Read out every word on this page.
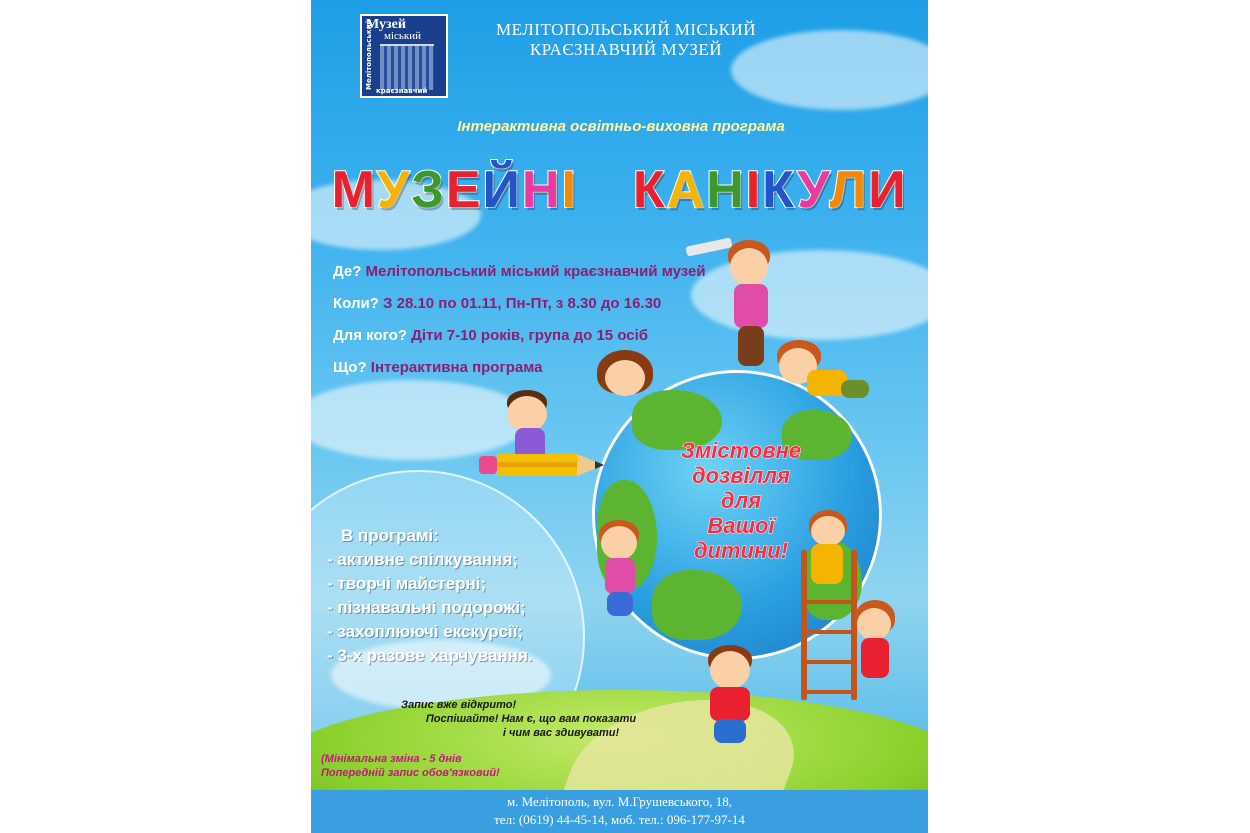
Музей
міський
Мелітопольський
краєзнавчий
МЕЛІТОПОЛЬСЬКИЙ МІСЬКИЙ
КРАЄЗНАВЧИЙ МУЗЕЙ
Інтерактивна освітньо-виховна програма
МУЗЕЙНІ КАНІКУЛИ
Де? Мелітопольський міський краєзнавчий музей
Коли? З 28.10 по 01.11, Пн-Пт, з 8.30 до 16.30
Для кого? Діти 7-10 років, група до 15 осіб
Що? Інтерактивна програма
Змістовне
дозвілля
для
Вашої
дитини!
В програмі:
- активне спілкування;
- творчі майстерні;
- пізнавальні подорожі;
- захоплюючі екскурсії;
- 3-х разове харчування.
Запис вже відкрито!
Поспішайте! Нам є, що вам показати
і чим вас здивувати!
(Мінімальна зміна - 5 днів
Попередній запис обов'язковий!
м. Мелітополь, вул. М.Грушевського, 18,
тел: (0619) 44-45-14, моб. тел.: 096-177-97-14
